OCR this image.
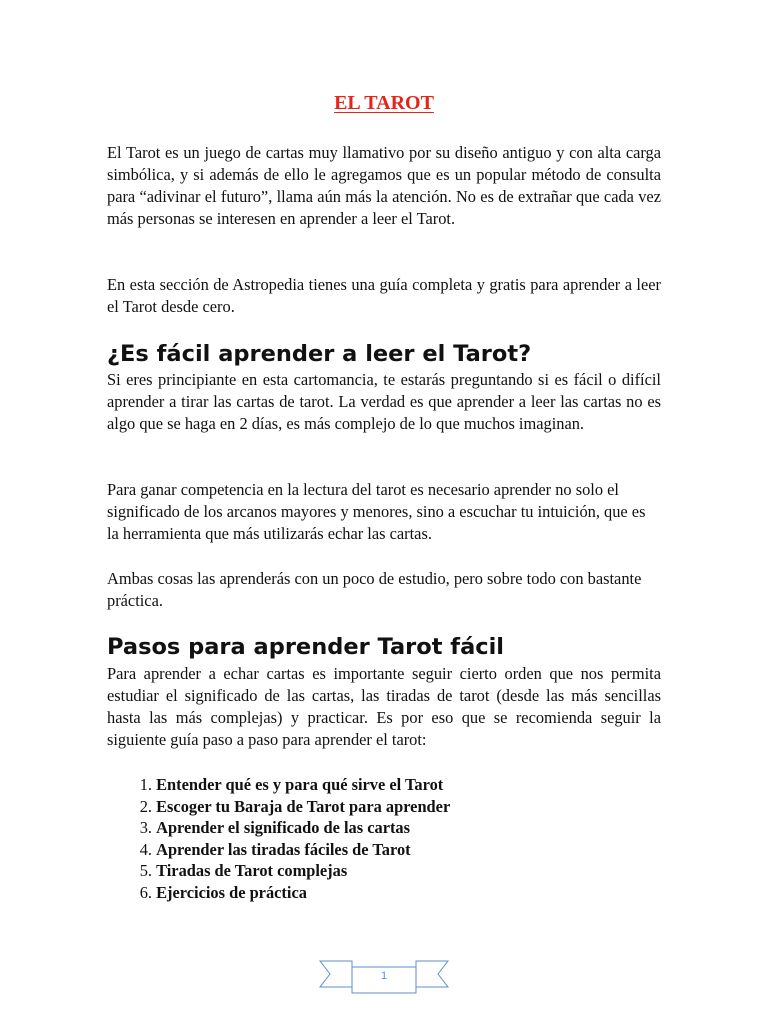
EL TAROT

El Tarot es un juego de cartas muy llamativo por su diseño antiguo y con alta carga simbólica, y si además de ello le agregamos que es un popular método de consulta para “adivinar el futuro”, llama aún más la atención. No es de extrañar que cada vez más personas se interesen en aprender a leer el Tarot.

En esta sección de Astropedia tienes una guía completa y gratis para aprender a leer el Tarot desde cero.

¿Es fácil aprender a leer el Tarot?

Si eres principiante en esta cartomancia, te estarás preguntando si es fácil o difícil aprender a tirar las cartas de tarot. La verdad es que aprender a leer las cartas no es algo que se haga en 2 días, es más complejo de lo que muchos imaginan.

Para ganar competencia en la lectura del tarot es necesario aprender no solo el significado de los arcanos mayores y menores, sino a escuchar tu intuición, que es la herramienta que más utilizarás echar las cartas.

Ambas cosas las aprenderás con un poco de estudio, pero sobre todo con bastante práctica.

Pasos para aprender Tarot fácil

Para aprender a echar cartas es importante seguir cierto orden que nos permita estudiar el significado de las cartas, las tiradas de tarot (desde las más sencillas hasta las más complejas) y practicar. Es por eso que se recomienda seguir la siguiente guía paso a paso para aprender el tarot:

1.
Entender qué es y para qué sirve el Tarot
2.
Escoger tu Baraja de Tarot para aprender
3.
Aprender el significado de las cartas
4.
Aprender las tiradas fáciles de Tarot
5.
Tiradas de Tarot complejas
6.
Ejercicios de práctica
1
